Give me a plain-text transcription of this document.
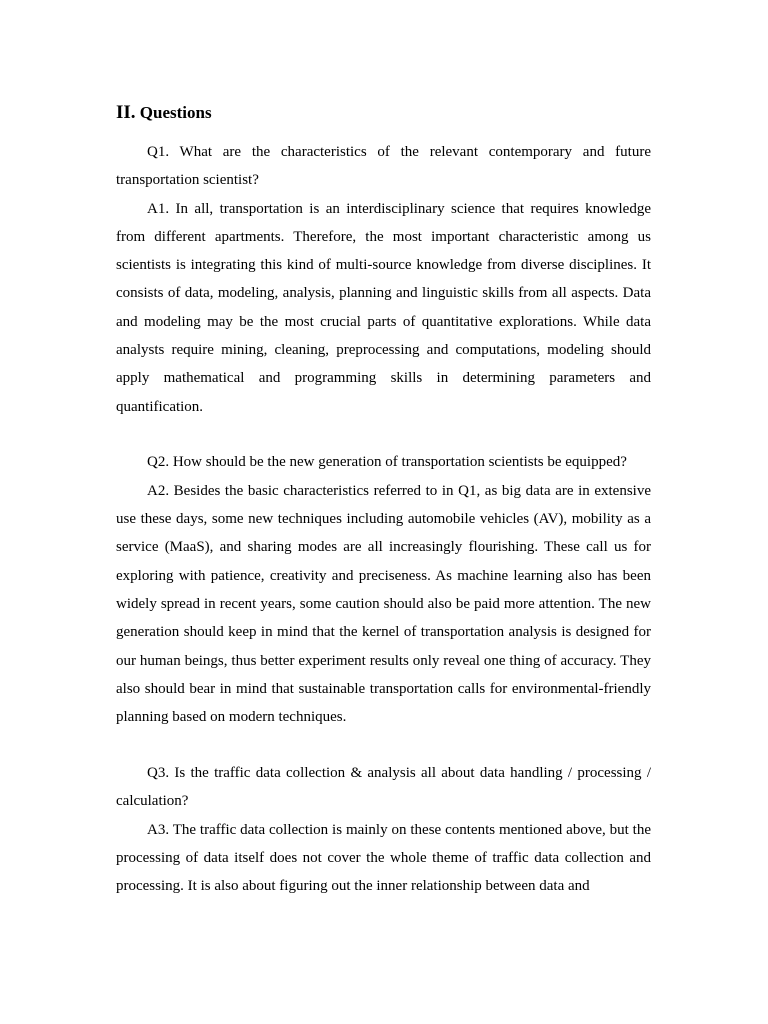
II. Questions

Q1. What are the characteristics of the relevant contemporary and future transportation scientist?

A1. In all, transportation is an interdisciplinary science that requires knowledge from different apartments. Therefore, the most important characteristic among us scientists is integrating this kind of multi-source knowledge from diverse disciplines. It consists of data, modeling, analysis, planning and linguistic skills from all aspects. Data and modeling may be the most crucial parts of quantitative explorations. While data analysts require mining, cleaning, preprocessing and computations, modeling should apply mathematical and programming skills in determining parameters and quantification.

Q2. How should be the new generation of transportation scientists be equipped?

A2. Besides the basic characteristics referred to in Q1, as big data are in extensive use these days, some new techniques including automobile vehicles (AV), mobility as a service (MaaS), and sharing modes are all increasingly flourishing. These call us for exploring with patience, creativity and preciseness. As machine learning also has been widely spread in recent years, some caution should also be paid more attention. The new generation should keep in mind that the kernel of transportation analysis is designed for our human beings, thus better experiment results only reveal one thing of accuracy. They also should bear in mind that sustainable transportation calls for environmental-friendly planning based on modern techniques.

Q3. Is the traffic data collection & analysis all about data handling / processing / calculation?

A3. The traffic data collection is mainly on these contents mentioned above, but the processing of data itself does not cover the whole theme of traffic data collection and processing. It is also about figuring out the inner relationship between data and
